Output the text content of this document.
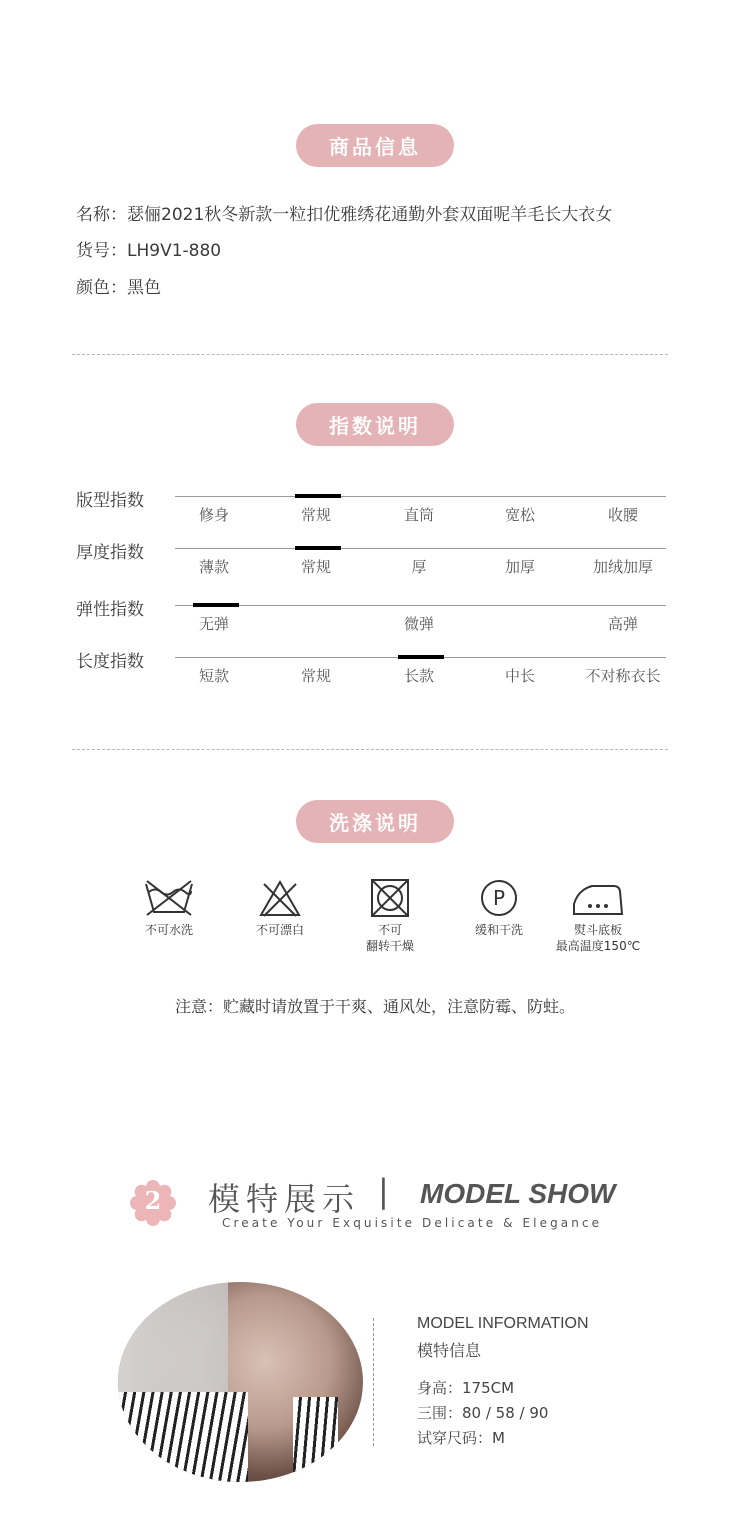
商品信息
名称：瑟俪2021秋冬新款一粒扣优雅绣花通勤外套双面呢羊毛长大衣女
货号：LH9V1-880
颜色：黑色
指数说明
版型指数
修身	常规	直筒	宽松	收腰
厚度指数
薄款	常规	厚	加厚	加绒加厚
弹性指数
无弹	微弹	高弹
长度指数
短款	常规	长款	中长	不对称衣长
洗涤说明
不可水洗	不可漂白	不可
翻转干燥
P
缓和干洗	熨斗底板
最高温度150℃
注意：贮藏时请放置于干爽、通风处，注意防霉、防蛀。
2	模特展示 | MODEL SHOW
Create Your Exquisite Delicate & Elegance
MODEL INFORMATION
模特信息
身高：175CM
三围：80 / 58 / 90
试穿尺码：M
